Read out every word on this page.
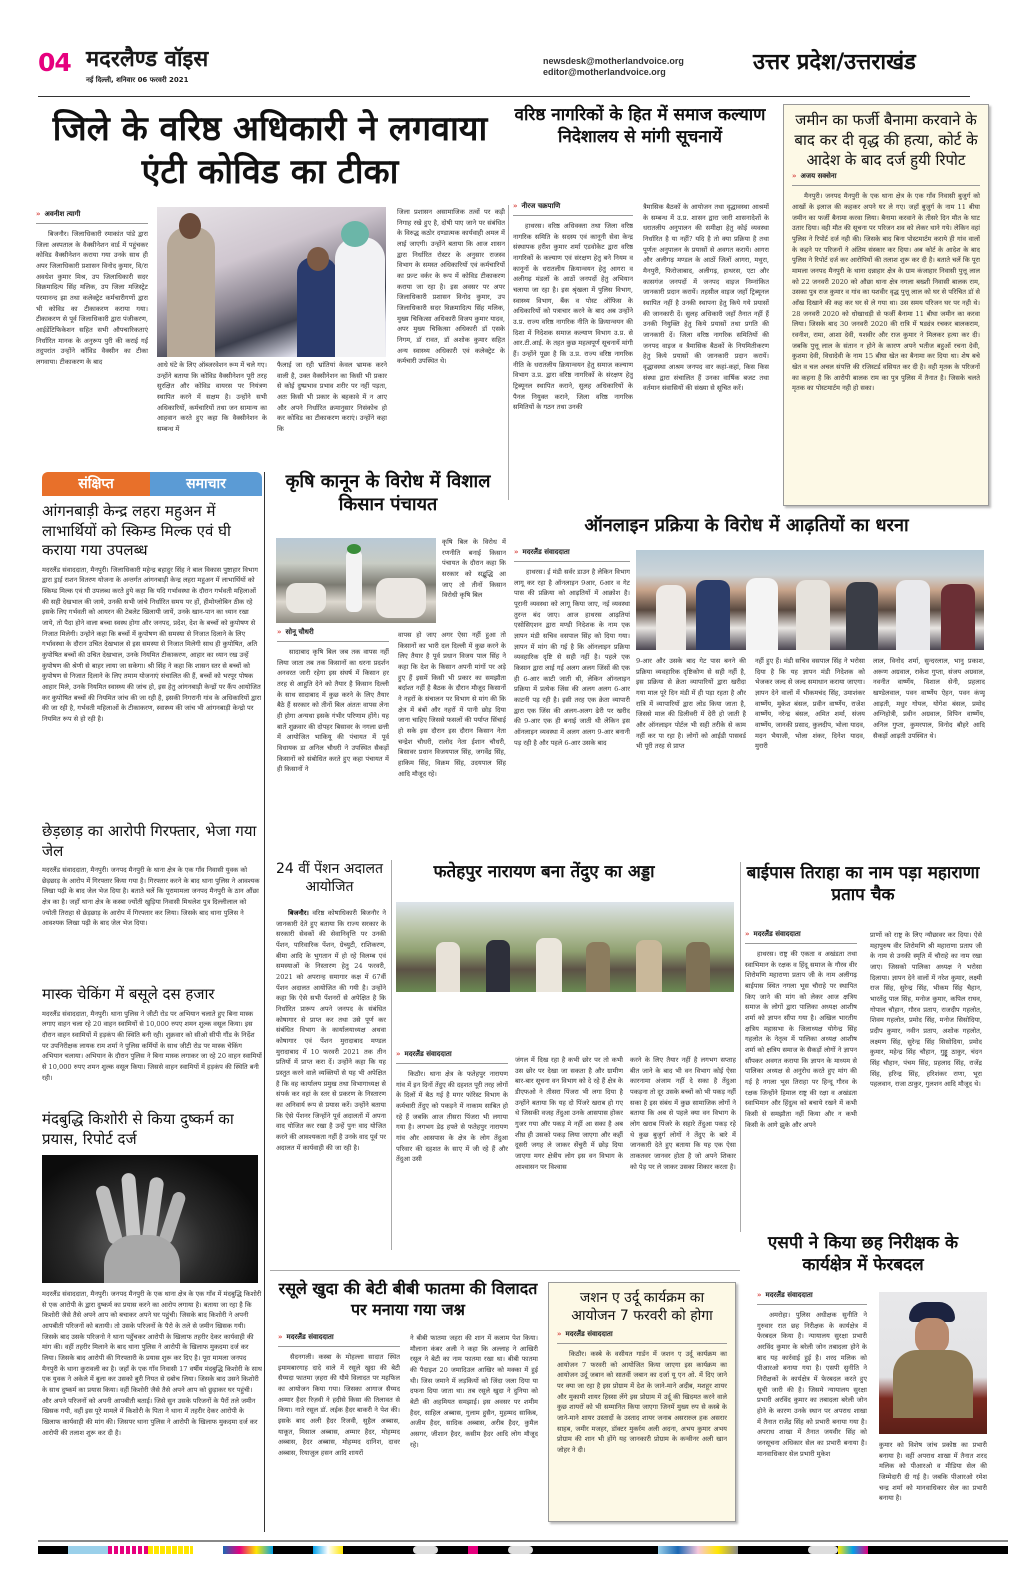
04 मदरलैण्ड वॉइस
नई दिल्ली, शनिवार 06 फरवरी 2021
newsdesk@motherlandvoice.org
editor@motherlandvoice.org	उत्तर प्रदेश/उत्तराखंड
जिले के वरिष्ठ अधिकारी ने लगवाया एंटी कोविड का टीका
» अवनीश त्यागी

बिजनौर। जिलाधिकारी रमाकांत पांडे द्वारा जिला अस्पताल के वैक्सीनेशन वार्ड में पहुंचकर कोविड वैक्सीनेशन कराया गया उनके साथ ही अपर जिलाधिकारी प्रशासन विनोद कुमार, वि/रा अवधेश कुमार मिश्र, उप जिलाधिकारी सदर विक्रमादित्य सिंह मलिक, उप जिला मजिस्ट्रेट परमानन्द झा तथा कलेक्ट्रेट कर्मचारीगणों द्वारा भी कोविड का टीकाकरण कराया गया। टीकाकरण से पूर्व जिलाधिकारी द्वारा पंजीकरण, आईडेंटिफिकेशन सहित सभी औपचारिकताएं निर्धारित मानक के अनुरूप पुरी की कराई गईं तदुपरांत उन्होंने कॉविड वैक्सीन का टीका लगवाया। टीकाकरण के बाद	आधे घंटे के लिए ऑब्जरवेशन रूम में चले गए। उन्होंने बताया कि कोविड वैक्सीनेशन पूरी तरह सुरक्षित और कोविड वायरस पर नियंत्रण स्थापित करने में सक्षम है। उन्होंने सभी अधिकारियों, कर्मचारियों तथा जन सामान्य का आहवान करते हुए कहा कि वैक्सीनेशन के सम्बन्ध में

फैलाई जा रही भ्रांतियां केवल भ्रामक करने वाली है, उक्त वैक्सीनेशन का किसी भी प्रकार से कोई दुष्प्रभाव प्रभाव शरीर पर नहीं पड़ता, अतः किसी भी प्रकार के बहकावे में न आए और अपने निर्धारित क्रमानुसार निसंकोच हो कर कोविड का टीकाकरण कराएं। उन्होंने कहा कि

जिला प्रशासन असामाजिक तत्वों पर कड़ी निगाह रखे हुए है, दोषी पाए जाने पर संबंधित के विरुद्ध कठोर दण्डात्मक कार्यवाही अमल में लाई जाएगी। उन्होंने बताया कि आज शासन द्वारा निर्धारित रोस्टर के अनुसार राजस्व विभाग के समस्त अधिकारियों एवं कर्मचारियों का फ्रन्ट वर्कर के रूप में कोविड टीकाकरण कराया जा रहा है। इस अवसर पर अपर जिलाधिकारी प्रशासन विनोद कुमार, उप जिलाधिकारी सदर विक्रमादित्य सिंह मलिक, मुख्य चिकित्सा अधिकारी विजय कुमार यादव, अपर मुख्य चिकित्सा अधिकारी डॉ एसके निगम, डॉ रावत, डॉ अशोक कुमार सहित अन्य स्वास्थ्य अधिकारी एवं कलेक्ट्रेट के कर्मचारी उपस्थित थे।

वरिष्ठ नागरिकों के हित में समाज कल्याण निदेशालय से मांगी सूचनायें
» नीरज चक्रपाणि

हाथरस। वरिष्ठ अधिवक्ता तथा जिला वरिष्ठ नागरिक समिति के सदस्य एवं कानूनी सेवा केन्द्र संस्थापक हरीश कुमार शर्मा एडवोकेट द्वारा वरिष्ठ नागरिकों के कल्याण एवं संरक्षण हेतु बने नियम व कानूनों के धरातलीय क्रियान्वयन हेतु आगरा व अलीगढ़ मंडलों के आठों जनपदों हेतु अभियान चलाया जा रहा है। इस श्रृंखला में पुलिस विभाग, स्वास्थ्य विभाग, बैंक व पोस्ट ऑफिस के अधिकारियों को पत्राचार करने के बाद अब उन्होंने उ.प्र. राज्य वरिष्ठ नागरिक नीति के क्रियान्वयन की दिशा में निदेशक समाज कल्याण विभाग उ.प्र. से आर.टी.आई. के तहत कुछ महत्वपूर्ण सूचनायें मांगी हैं। उन्होंने पूछा है कि उ.प्र. राज्य वरिष्ठ नागरिक नीति के धरातलीय क्रियान्वयन हेतु समाज कल्याण विभाग उ.प्र. द्वारा वरिष्ठ नागरिकों के संरक्षण हेतु ट्रिब्यूनल स्थापित कराने, सुलह अधिकारियों के पैनल नियुक्त कराने, जिला वरिष्ठ नागरिक समितियों के गठन तथा उनकी

त्रैमासिक बैठकों के आयोजन तथा वृद्धावस्था आश्रमों के सम्बन्ध में उ.प्र. शासन द्वारा जारी शासनादेशों के धरातलीय अनुपालन की समीक्षा हेतु कोई व्यवस्था निर्धारित है या नहीं? यदि है तो क्या प्रक्रिया है तथा पूर्णतः अनुपालन के प्रयासों से अवगत करायें। आगरा और अलीगढ़ मण्डल के आठों जिलों आगरा, मथुरा, मैनपुरी, फिरोजाबाद, अलीगढ़, हाथरस, एटा और कासगंज जनपदों में जनपद वाइज निम्नांकित जानकारी प्रदान करायें। तहसील वाइज जहाँ ट्रिब्यूनल स्थापित नहीं है उनकी स्थापना हेतु किये गये प्रयासों की जानकारी दें। सुलह अधिकारी जहाँ तैनात नहीं हैं उनकी नियुक्ति हेतु किये प्रयासों तथा प्रगति की जानकारी दें। जिला वरिष्ठ नागरिक समितियों की जनपद वाइज व त्रैमासिक बैठकों के नियमितीकरण हेतु किये प्रयासों की जानकारी प्रदान करायें। वृद्धावस्था आश्रम जनपद वार कहां-कहां, किस किस संस्था द्वारा संचालित हैं उनका वार्षिक बजट तथा वर्तमान संवासियों की संख्या से सूचित करें।

जमीन का फर्जी बैनामा करवाने के बाद कर दी वृद्ध की हत्या, कोर्ट के आदेश के बाद दर्ज हुयी रिपोट
» अजय सक्सेना

मैनपुरी। जनपद मैनपुरी के एक थाना क्षेत्र के एक गाँव निवासी बुजुर्ग को आखों के इलाज की कहकर अपने घर ले गए। जहाँ बुजुर्ग के नाम 11 बीघा जमीन का फर्जी बैनामा करवा लिया। बैनामा करवाने के तीसरे दिन मौत के घाट उतार दिया। वही मौत की सूचना पर परिजन शव को लेकर थाने गये। लेकिन वहां पुलिस ने रिपोर्ट दर्ज नही की। जिसके बाद बिना पोस्टमार्टम कराये ही गांव वालों के कहने पर परिजनों ने अंतिम संस्कार कर दिया। अब कोर्ट के आदेश के बाद पुलिस ने रिपोर्ट दर्ज कर आरोपियों की तलाश शुरू कर दी है। बताते चलें कि पूरा मामला जनपद मैनपुरी के थाना दन्नाहार क्षेत्र के ग्राम कंजाहार निवासी पुत्तू लाल को 22 जनवरी 2020 को औछा थाना क्षेत्र नगला बख्शी निवासी बालक राम, उसका पुत्र राज कुमार व गांव का यशवीर वृद्ध पुत्तू लाल को घर से परिचित डॉ से आँख दिखाने की कह कर घर से ले गया था। उस समय परिजन घर पर नही थे। 28 जनवरी 2020 को धोखाधड़ी से फर्जी बैनामा 11 बीघा जमीन का करवा लिया। जिसके बाद 30 जनवरी 2020 की रात्रि में षड्यंत्र रचकर बालकराम, रवनीश, रामा, आशा देवी, यशवीर और राज कुमार ने मिलकर हत्या कर दी। जबकि पुत्तू लाल के संतान न होने के कारण अपने भतीज बहुओं रचना देवी, कुशमा देवी, विधादेवी के नाम 15 बीघा खेत का बैनामा कर दिया था। शेष बचे खेत व चल अचल संपत्ति की रजिस्टर्ड वसियत कर दी है। वही मृतक के परिजनों का कहना है कि आरोपी बालक राम का पुत्र पुलिस में तैनात है। जिसके चलते मृतक का पोस्टमार्टम नही हो सका।

संक्षिप्त	समाचार
आंगनबाड़ी केन्द्र लहरा महुअन में लाभार्थियों को स्किम्ड मिल्क एवं घी कराया गया उपलब्ध

मदरलैंड संवाददाता, मैनपुरी। जिलाधिकारी महेन्द्र बहादुर सिंह ने बाल विकास पुष्टाहार विभाग द्वारा ड्राई राशन वितरण योजना के अन्तर्गत आंगनबाड़ी केन्द्र लहरा महुअन में लाभार्थियों को स्किम्ड मिल्क एवं घी उपलब्ध करते हुये कहा कि यदि गर्भावस्था के दौरान गर्भवती महिलाओं की सही देखभाल की जाये, उनकी सभी जांचे निर्धारित समय पर हों, हीमोग्लोबिन ठीक रहे इसके लिए गर्भवती को आयरन की टेबलेट खिलायी जायें, उनके खान-पान का ध्यान रखा जाये, तो पैदा होने वाला बच्चा स्वस्थ होगा और जनपद, प्रदेश, देश के बच्चों को कुपोषण से निजात मिलेगी। उन्होने कहा कि बच्चों में कुपोषण की समस्या से निजात दिलाने के लिए गर्भावस्था के दौरान उचित देखभाल से इस समस्या से निजात मिलेगी साथ ही कुपोषित, अति कुपोषित बच्चों की उचित देखभाल, उनके नियमित टीकाकरण, आहार का ध्यान रख उन्हें कुपोषण की श्रेणी से बाहर लाया जा सकेगा। श्री सिंह ने कहा कि शासन स्तर से बच्चों को कुपोषण से निजात दिलाने के लिए तमाम योजनाएं संचालित की हैं, बच्चों को भरपूर पोषक आहार मिले, उनके नियमित स्वास्थ्य की जांच हो, इस हेतु आंगनबाड़ी केन्द्रों पर कैंप आयोजित कर कुपोषित बच्चों की नियमित जांच की जा रही है, इसकी निगरानी गांव के अधिकारियों द्वारा की जा रही है, गर्भवती महिलाओं के टीकाकरण, स्वास्थ्य की जांच भी आंगनबाड़ी केन्द्रो पर नियमित रूप से हो रही है।

छेड़छाड़ का आरोपी गिरफ्तार, भेजा गया जेल

मदरलैंड संवाददाता, मैनपुरी। जनपद मैनपुरी के थाना क्षेत्र के एक गाँव निवासी युवक को छेड़छाड़ के आरोप में गिरफ्तार किया गया है। गिरफ्तार करने के बाद थाना पुलिस ने आवश्यक लिखा पढ़ी के बाद जेल भेज दिया है। बताते चलें कि पूरामामला जनपद मैनपुरी के ठान औंछा क्षेत्र का है। जहाँ थाना क्षेत्र के कस्बा ज्योंती खुड़िया निवासी मिथलेश पुत्र दिल्लीलाल को ज्योती तिराहा से छेड़छाड़ के आरोप में गिरफ्तार कर लिया। जिसके बाद थाना पुलिस ने आवश्यक लिखा पढ़ी के बाद जेल भेज दिया।

मास्क चेकिंग में बसूले दस हजार

मदरलैंड संवाददाता, मैनपुरी। थाना पुलिस ने जीटी रोड पर अभियान चलाते हुए बिना मास्क लगाए वाहन चला रहे 20 वाहन स्वामियों से 10,000 रुपए शमन शुल्क वसूल किया। इस दौरान वाहन स्वामियों में हड़कंप की स्थिति बनी रही। शुक्रवार को सीओ सीपी गौंड के निर्देश पर उपनिरीक्षक लायक राम शर्मा ने पुलिस कर्मियों के साथ जीटी रोड पर मास्क चेकिंग अभियान चलाया। अभियान के दौरान पुलिस ने बिना मास्क लगाकर जा रहे 20 वाहन स्वामियों से 10,000 रुपए शमन शुल्क वसूल किया। जिससे वाहन स्वामियों में हड़कंप की स्थिति बनी रही।

मंदबुद्धि किशोरी से किया दुष्कर्म का प्रयास, रिपोर्ट दर्ज

मदरलैंड संवाददाता, मैनपुरी। जनपद मैनपुरी के एक थाना क्षेत्र के एक गाँव में मंदबुद्धि किशोरी से एक आरोपी के द्वारा दुष्कर्म का प्रयास करने का आरोप लगाया है। बताया जा रहा है कि किशोरी जैसे तैसे अपने आप को बचाकर अपने घर पहुंची। जिसके बाद किशोरी ने अपनी आपबीती परिजनों को बतायी। तो उसके परिजनों के पैरो के तले से जमीन खिसक गयी। जिसके बाद उसके परिजनो ने थाना पहुँचकर आरोपी के खिलाफ तहरीर देकर कार्यवाही की मांग की। वहीं तहरीर मिलाने के बाद थाना पुलिस ने आरोपी के खिलाफ मुकदमा दर्ज कर लिया। जिसके बाद आरोपी की गिरफ्तारी के प्रयास शुरू कर दिए है। पूरा मामला जनपद मैनपुरी के थाना कुरावली का है। जहाँ के एक गाँव निवासी 17 वर्षीय मंदबुद्धि किशोरी के साथ एक युवक ने अकेले में बुला कर उसको बुरी नियत से दबोच लिया। जिसके बाद उसने किशोरी के साथ दुष्कर्म का प्रयास किया। वहीं किशोरी जैसे तैसे अपने आप को छुड़ाकर घर पहुंची। और अपने परिजनों को अपनी आपबीती बताई। जिसे सुन उसके परिजनों के पैरों तले जमीन खिसक गयी, वहीं इस पूरे मामले में किशोरी के पिता ने थाना में तहरीर देकर आरोपी के खिलाफ कार्यवाही की मांग की। जिसपर थाना पुलिस ने आरोपी के खिलाफ मुकदमा दर्ज कर आरोपी की तलाश शुरू कर दी है।

कृषि कानून के विरोध में विशाल किसान पंचायत

कृषि बिल के विरोध में रणनीति बनाई किसान पंचायत के दौरान कहा कि सरकार को सद्बुद्धि आ जाए तो तीनों किसान विरोधी कृषि बिल

» सोनू चौधरी

सादाबाद कृषि बिल जब तक वापस नहीं लिया जाता तब तक किसानों का धरना प्रदर्शन अनवरत जारी रहेगा इस संघर्ष में किसान हर तरह से आहुति देने को तैयार है किसान दिल्ली के साथ सादाबाद में कुछ करने के लिए तैयार बैठे हैं सरकार को तीनों बिल अंततः वापस लेना ही होगा अन्यथा इसके गंभीर परिणाम होंगे। यह बातें शुक्रवार की दोपहर बिसावर के नगला छत्ती में आयोजित भाकियू की पंचायत में पूर्व विधायक डा अनिल चौधरी ने उपस्थित सैकड़ों किसानों को संबोधित करते हुए कहा पंचायत में ही किसानों ने

वापस हो जाए अगर ऐसा नहीं हुआ तो किसानों का भारी दल दिल्ली में कुछ करने के लिए तैयार है पूर्व प्रधान विजय पाल सिंह ने कहा कि देश के किसान अपनी मांगों पर अड़े हुए हैं इसमें किसी भी प्रकार का समझौता बर्दाश्त नहीं है बैठक के दौरान मौजूद किसानों ने नहरों के संचालन पर विभाग से मांग की कि क्षेत्र में बंबों और नहरों में पानी छोड़ दिया जाना चाहिए जिससे फसलों की पर्याप्त सिंचाई हो सके इस दौरान इस दौरान किसान नेता चन्द्रेश चौधरी, रालोद नेता ईशान चौधरी, बिसावर प्रधान विजयपाल सिंह, जगवेंद्र सिंह, हाकिम सिंह, विक्रम सिंह, उदयपाल सिंह आदि मौजूद रहे।

24 वीं पेंशन अदालत आयोजित

बिजनौर। वरिष्ठ कोषाधिकारी बिजनौर ने जानकारी देते हुए बताया कि राज्य सरकार के सरकारी सेवकों की सेवानिवृत्ति पर उनकी पेंशन, पारिवारिक पेंशन, ग्रेच्युटी, राशिकरण, बीमा आदि के भुगतान में हो रहे विलम्ब एवं समस्याओं के निस्तारण हेतु 24 फरवरी, 2021 को अपरान्ह समागार कक्ष में 67वीं पेंशन अदालत आयोजित की गयी है। उन्होंने कहा कि ऐसे सभी पेंशनरों से अपेक्षित है कि निर्धारित प्रारूप अपने जनपद के संबंधित कोषागार से प्राप्त कर तथा उसे पूर्ण कर संबंधित विभाग के कार्यालयाध्यक्ष अथवा कोषागार एवं पेंशन मुरादाबाद मण्डल मुरादाबाद में 10 फरवरी 2021 तक तीन प्रतियों में प्राप्त करा दें। उन्होंने कहा कि यह प्रस्तुत करने वाले व्यक्तियों से यह भी अपेक्षित है कि वह कार्यालय प्रमुख तथा विभागाध्यक्ष से संपर्क कर वहां के स्तर से प्रकरण के निस्तारण का अनिवार्य रूप से प्रयास करें। उन्होंने बताया कि ऐसे पेंशनर जिन्होंने पूर्व अदालतों में अपना वाद योजित कर रखा है उन्हें पुनः वाद योजित करने की आवश्यकता नहीं है उनके वाद पूर्व पर अदालत में कार्यवाही की जा रही है।

ऑनलाइन प्रक्रिया के विरोध में आढ़तियों का धरना
» मदरलैंड संवाददाता

हाथरस। ई मंडी सर्वर डाउन है लेकिन विभाग लागू कर रहा है ऑनलाइन 9आर, 6आर व गेट पास की प्रक्रिया को आढ़तियों में आक्रोश है। पूरानी व्यवस्था को लागू किया जाए, नई व्यवस्था तुरन्त बंद जाए। आज हाथरस आढ़तियां एसोसिएशन द्वारा मण्डी निदेशक के नाम एक ज्ञापन मंडी सचिव वसपाल सिंह को दिया गया। ज्ञापन में मांग की गई है कि ऑनलाइन प्रक्रिया व्यवहारिक दृष्टि से सही नहीं है। पहले एक किसान द्वारा लाई गई अलग अलग जिंसों की एक ही 6-आर काटी जाती थी, लेकिन ऑनलाइन प्रक्रिया में प्रत्येक जिंस की अलग अलग 6-आर काटनी पड़ रही है। इसी तरह एक क्रेता व्यापारी द्वारा एक जिंस की अलग-अलग ढेरी पर खरीद की 9-आर एक ही बनाई जाती थी लेकिन इस ऑनलाइन व्यवस्था में अलग अलग 9-आर बनानी पड़ रही है और पहले 6-आर उसके बाद

9-आर और उसके बाद गेट पास बनने की प्रक्रिया व्यवहारिक दृष्टिकोण से सही नहीं है, इस प्रक्रिया से क्रेता व्यापारियों द्वारा खरीदा गया माल पूरे दिन मंडी में ही पड़ा रहता है और रात्रि में व्यापारियों द्वारा लोड किया जाता है, जिससे माल की डिलीवरी में देरी हो जाती है और ऑनलाइन पोर्टल भी सही तरीके से काम नहीं कर पा रहा है। लोगों को आईडी पासवर्ड भी पूरी तरह से प्राप्त

नहीं हुए हैं। मंडी सचिव वसपाल सिंह ने भरोसा दिया है कि यह ज्ञापन मंडी निदेशक को भेजकर जल्द से जल्द समाधान कराया जाएगा। ज्ञापन देने वालों में भीकमचंद सिंह, उमाशंकर वार्ष्णेय, मुकेश बंसल, प्रवीन वार्ष्णेय, राजेश वार्ष्णेय, नरेन्द्र बंसल, अमित शर्मा, संजय वार्ष्णेय, जानकी प्रसाद, कुलदीप, भोला यादव, मदन भैयाजी, भोला शंकर, दिनेश यादव, मुरारी

लाल, विनोद शर्मा, सुन्दरलाल, भानु प्रकाश, अरूण अग्रवाल, राकेश गुप्ता, संजय अग्रवाल, नवनीत वार्ष्णेय, विशाल सेनी, प्रहलाद खण्डेलवाल, पवन वार्ष्णेय ऐहन, पवन कंप्यू आढ़ती, मधुर गोयल, योगेश बंसल, प्रमोद अग्निहोत्री, प्रवीन अग्रवाल, विपिन वार्ष्णेय, अनिल गुप्ता, कुमरपाल, विनोद बौहरे आदि सैकड़ों आढ़ती उपस्थित थे।

फतेहपुर नारायण बना तेंदुए का अड्डा
» मदरलैंड संवाददाता

किठौर। थाना क्षेत्र के फतेहपुर नारायण गांव में इन दिनों तेंदुए की दहशत पूरी तरह लोगों के दिलों में बैठ गई है मगर फॉरेस्ट विभाग के कर्मचारी तेंदुए को पकड़ने में नाकाम साबित हो रहे हैं जबकि आज तीसरा पिंजरा भी लगाया गया है। लगभग डेढ़ हफ्ते से फतेहपुर नारायण गांव और आसपास के क्षेत्र के लोग तेंदुआ परिवार की दहशत के साए में जी रहे हैं और तेंदुआ उसी

जंगल में दिख रहा है कभी छोर पर तो कभी उस छोर पर देखा जा सकता है और ग्रामीण बार-बार सूचना वन विभाग को दे रहे हैं क्षेत्र के डीएफओ ने तीसरा पिंजरा भी लगा दिया है उन्होंने बताया कि यह दो पिंजरे खराब हो गए थे जिसकी वजह तेंदुआ उनके आसपास होकर गुजर गया और पकड़ मे नहीं आ सका है अब शीघ्र ही उसको पकड़ लिया जाएगा और कहीं दूसरी जगह ले जाकर सेंचुरी में छोड़ दिया जाएगा मगर क्षेत्रीय लोग इस वन विभाग के आश्वासन पर विश्वास

करने के लिए तैयार नहीं है लगभग सप्ताह बीत जाने के बाद भी वन विभाग कोई ऐसा कारनामा अंजाम नहीं दे सका है तेंदुआ पकड़ना तो दूर उसके बच्चों को भी पकड़ नहीं सका है इस संबंध में कुछ सामाजिक लोगों ने बताया कि अब से पहले क्या वन विभाग के लोग खराब पिंजरे के सहारे तेंदुआ पकड़ रहे थे कुछ बुजुर्ग लोगों ने तेंदुए के बारे में जानकारी देते हुए बताया कि यह एक ऐसा ताकतवर जानवर होता है जो अपने शिकार को पेड़ पर ले जाकर उसका शिकार करता है।

बाईपास तिराहा का नाम पड़ा महाराणा प्रताप चैक
» मदरलैंड संवाददाता

हाथरस। राष्ट्र की एकता व अखंडता तथा स्वाभिमान के रक्षक व हिंदू समाज के गौरव वीर शिरोमणि महाराणा प्रताप जी के नाम अलीगढ़ बाईपास स्थित नगला भूस चौराहे पर स्थापित किए जाने की मांग को लेकर आज क्षत्रिय समाज के लोगों द्वारा पालिका अध्यक्ष आशीष शर्मा को ज्ञापन सौंपा गया है। अखिल भारतीय क्षत्रिय महासभा के जिलाध्यक्ष योगेन्द्र सिंह गहलोत के नेतृत्व में पालिका अध्यक्ष आशीष शर्मा को क्षत्रिय समाज के सैकड़ों लोगों ने ज्ञापन सौंपकर अवगत कराया कि ज्ञापन के माध्यम से पालिका अध्यक्ष से अनुरोध करते हुए मांग की गई है नगला भूस तिराहा पर हिन्दू गौरव के रक्षक जिन्होंने हिमाल राष्ट्र की रक्षा व अखंडता स्वाभिमान और हिंदुत्व को बचाये रखने में कभी किसी से समझौता नहीं किया और न कभी किसी के आगे झुके और अपने

प्राणों को राष्ट्र के लिए न्यौछावर कर दिया। ऐसे महापुरुष वीर शिरोमणि श्री महाराणा प्रताप जी के नाम से उनकी स्मृति में चौराहे का नाम रखा जाए। जिसको पालिका अध्यक्ष ने भरोसा दिलाया। ज्ञापन देने वालों में नरेश कुमार, लक्ष्मी राज सिंह, सुरेन्द्र सिंह, भीकम सिंह चैहान, भारतेंदु पाल सिंह, मनोज कुमार, कपिल राघव, गोपाल चौहान, गौरव प्रताप, राजदीप गहलोत, शिवम गहलोत, प्रमोद सिंह, मनोज सिसोदिया, प्रदीप कुमार, नवीन प्रताप, अशोक गहलोत, लक्ष्मण सिंह, सुरेन्द्र सिंह सिसोदिया, प्रमोद कुमार, महेन्द्र सिंह चौहान, गुड्डू ठाकुर, चंदन सिंह चौहान, पंचम सिंह, प्रहलाद सिंह, राजेंद्र सिंह, हरिन्द्र सिंह, हरिशंकर राणा, भूरा पहलवान, राजा ठाकुर, गुलशन आदि मौजूद थे।

रसूले खुदा की बेटी बीबी फातमा की विलादत पर मनाया गया जश्न
» मदरलैंड संवाददाता

सैदनगली। कस्बा के मोहल्ला सादात स्थित इमामबारगाह दादे वाले में रसूले खुदा की बेटी सैय्यदा फातमा ज़हरा की यौमे विलादत पर महफिल का आयोजन किया गया। जिसका आगाज सैय्यद अम्मार हैदर रिज़वी ने हदीसे किसा की तिलावत से किया। नाते रसूल डॉ. लईक हैदर बाकरी ने पेश की। इसके बाद अली हैदर रिजवी, सुहैल अब्बास, याकूत, मिसाल अब्बास, अम्मार हैदर, मोहम्मद अब्बास, हैदर अब्बास, मोहम्मद दानिश, दावर अब्बास, रियाजुल हसन आदि शायरों

ने बीबी फातमा जहरा की शान में कलाम पेश किया। मौलाना कंबर अली ने कहा कि अल्लाह ने आखिरी रसूल ने बेटी का नाम फातमा रखा था। बीबी फातमा की पैदाइश 20 जमादिउल आखिर को मक्का में हुई थी। जिस जमाने में लड़कियों को जिंदा जला दिया या दफना दिया जाता था। तब रसूले खुदा ने दुनिया को बेटी की अहमियत समझाई। इस अवसर पर शमीम हैदर, साहिल अब्बास, गुलाम हुसैन, मुहम्मद साकिब, अजीम हैदर, सादिक अब्बास, अरीब हैदर, कुमैल असगर, जीशान हैदर, कसीम हैदर आदि लोग मौजूद रहे।

जशन ए उर्दू कार्यक्रम का आयोजन 7 फरवरी को होगा
» मदरलैंड संवाददाता

किठौर। कस्बे के वसीयत गार्डन में जशन ए उर्दू कार्यक्रम का आयोजन 7 फरवरी को आयोजित किया जाएगा इस कार्यक्रम का आयोजन उर्दू जबान को सातवीं जबान का दर्जा यू एन ओ. में दिए जाने पर क्या जा रहा है इस प्रोग्राम में देश के जाने-माने अदीब, मशहूर शायर और मुकामी शायर हिस्सा लेंगे इस प्रोग्राम में उर्दू की खिदमत करने वाले कुछ शायरों को भी सम्मानित किया जाएगा जिनमें मुख्य रुप से कस्बे के जाने-माने शायर उस्तादों के उस्ताद शायर जनाब असरारुल हक असरार साहब, जमीर मजहर, डॉक्टर मुकर्रम अली अदना, अभय कुमार अभय प्रोग्राम की शान भी होंगे यह जानकारी प्रोग्राम के कन्वीनर अली खान जोहर ने दी।

एसपी ने किया छह निरीक्षक के कार्यक्षेत्र में फेरबदल
» मदरलैंड संवाददाता

अमरोहा। पुलिस अधीक्षक सुनीति ने गुरुवार रात छह निरीक्षक के कार्यक्षेत्र में फेरबदल किया है। न्यायालय सुरक्षा प्रभारी अरविंद कुमार के बरेली जोन तबादला होने के बाद यह कार्रवाई हुई है। शरद मलिक को पीआरओ बनाया गया है। एसपी सुनीति ने निरीक्षकों के कार्यक्षेत्र में फेरबदल करते हुए सूची जारी की है। जिसमे न्यायालय सुरक्षा प्रभारी अरविंद कुमार का तबादला बरेली जोन होने के कारण उनके स्थान पर अपराध शाखा में तैनात राजेंद्र सिंह को प्रभारी बनाया गया है। अपराध शाखा में तैनात जयवीर सिंह को जनसूचना अधिकार सेल का प्रभारी बनाया है। मानवाधिकार सेल प्रभारी मुकेश

कुमार को विशेष जांच प्रकोष्ठ का प्रभारी बनाया है। वहीं अपराध शाखा में तैनात शरद मलिक को पीआरओ व मीडिया सेल की जिम्मेदारी दी गई है। जबकि पीआरओ रमेश चन्द्र शर्मा को मानवाधिकार सेल का प्रभारी बनाया है।
